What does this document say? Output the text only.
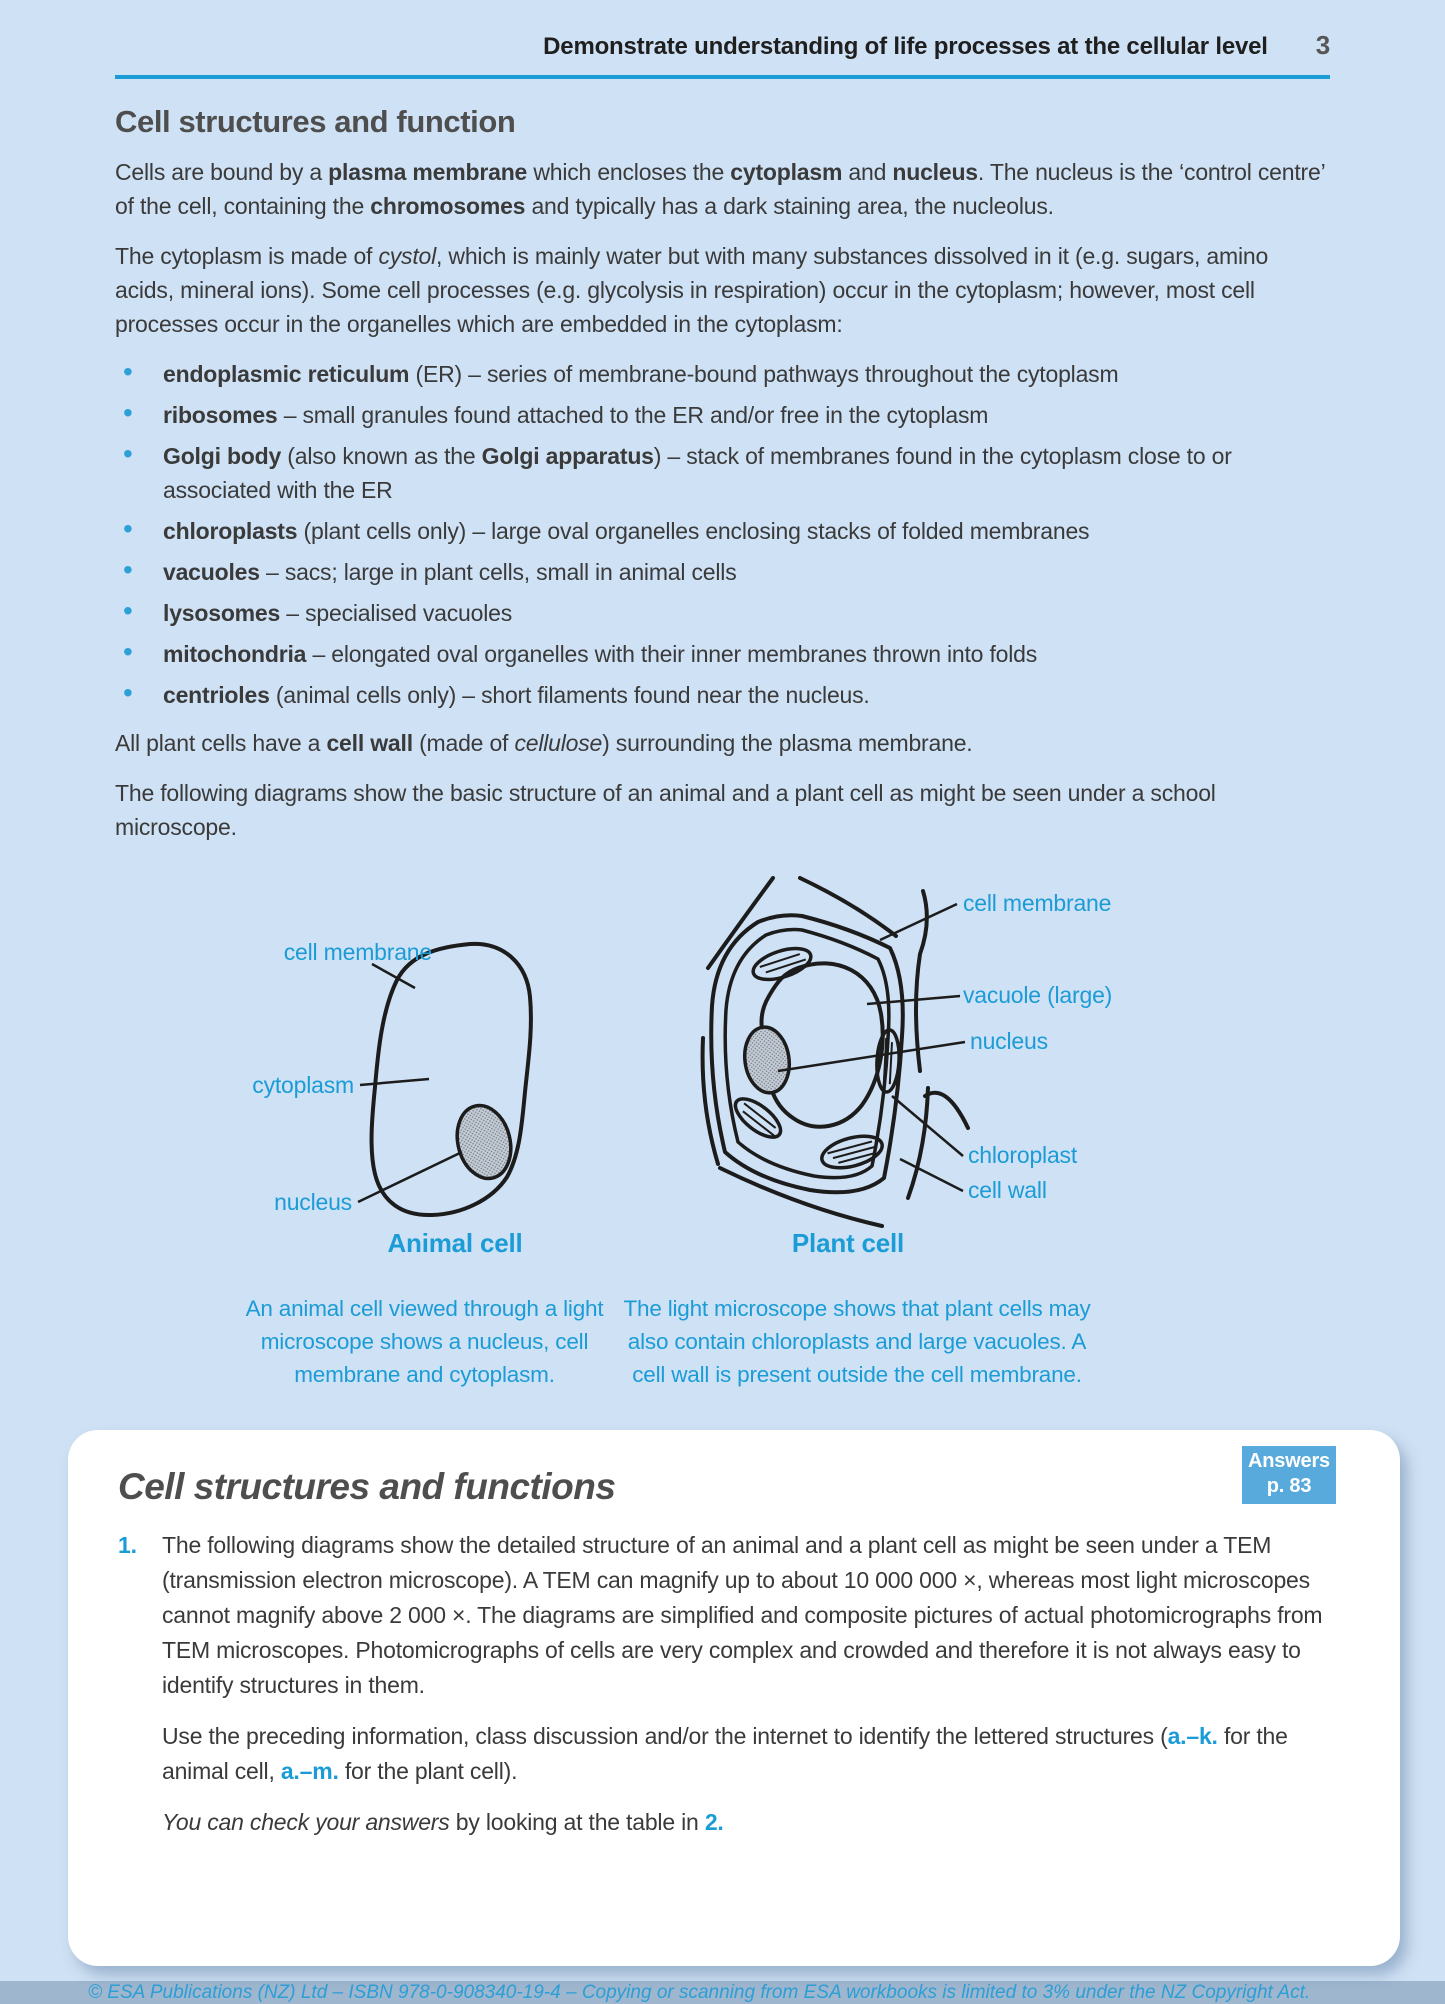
Demonstrate understanding of life processes at the cellular level 3
Cell structures and function

Cells are bound by a plasma membrane which encloses the cytoplasm and nucleus. The nucleus is the ‘control centre’ of the cell, containing the chromosomes and typically has a dark staining area, the nucleolus.

The cytoplasm is made of cystol, which is mainly water but with many substances dissolved in it (e.g. sugars, amino acids, mineral ions). Some cell processes (e.g. glycolysis in respiration) occur in the cytoplasm; however, most cell processes occur in the organelles which are embedded in the cytoplasm:

• endoplasmic reticulum (ER) – series of membrane-bound pathways throughout the cytoplasm
• ribosomes – small granules found attached to the ER and/or free in the cytoplasm
• Golgi body (also known as the Golgi apparatus) – stack of membranes found in the cytoplasm close to or associated with the ER
• chloroplasts (plant cells only) – large oval organelles enclosing stacks of folded membranes
• vacuoles – sacs; large in plant cells, small in animal cells
• lysosomes – specialised vacuoles
• mitochondria – elongated oval organelles with their inner membranes thrown into folds
• centrioles (animal cells only) – short filaments found near the nucleus.

All plant cells have a cell wall (made of cellulose) surrounding the plasma membrane.

The following diagrams show the basic structure of an animal and a plant cell as might be seen under a school microscope.

cell membrane
cytoplasm
nucleus
cell membrane
vacuole (large)
nucleus
chloroplast
cell wall
Animal cell	Plant cell
An animal cell viewed through a light microscope shows a nucleus, cell membrane and cytoplasm.
The light microscope shows that plant cells may also contain chloroplasts and large vacuoles. A cell wall is present outside the cell membrane.
Answers
p. 83
Cell structures and functions
1.	The following diagrams show the detailed structure of an animal and a plant cell as might be seen under a TEM (transmission electron microscope). A TEM can magnify up to about 10 000 000 ×, whereas most light microscopes cannot magnify above 2 000 ×. The diagrams are simplified and composite pictures of actual photomicrographs from TEM microscopes. Photomicrographs of cells are very complex and crowded and therefore it is not always easy to identify structures in them.

Use the preceding information, class discussion and/or the internet to identify the lettered structures (a.–k. for the animal cell, a.–m. for the plant cell).

You can check your answers by looking at the table in 2.

© ESA Publications (NZ) Ltd – ISBN 978-0-908340-19-4 – Copying or scanning from ESA workbooks is limited to 3% under the NZ Copyright Act.
